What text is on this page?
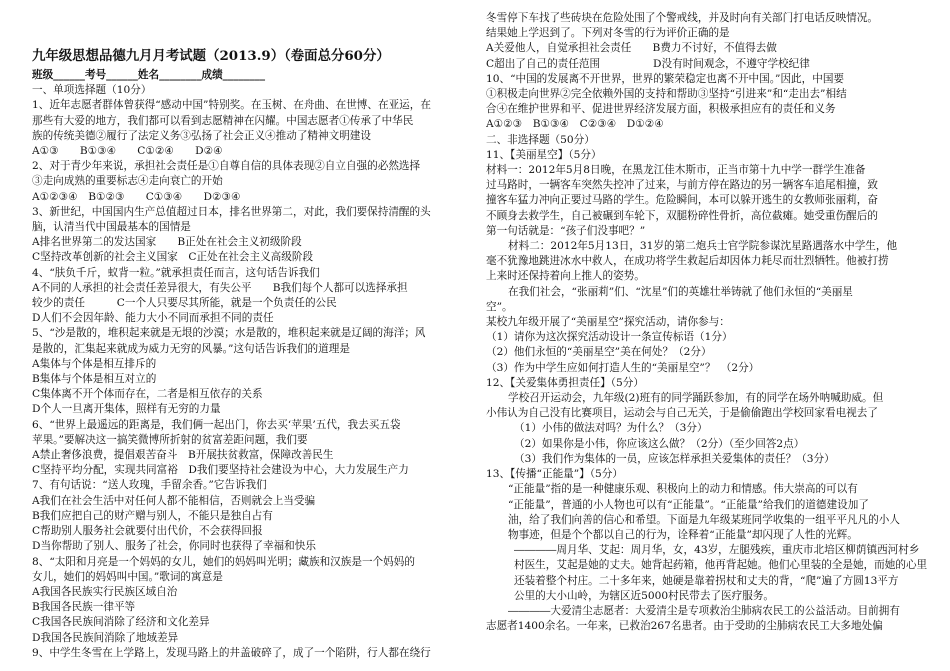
九年级思想品德九月月考试题（2013.9）（卷面总分60分）
班级______考号______姓名________成绩________
一、单项选择题（10分）
1、近年志愿者群体曾获得“感动中国”特别奖。在玉树、在舟曲、在世博、在亚运，在
那些有大爱的地方，我们都可以看到志愿精神在闪耀。中国志愿者①传承了中华民
族的传统美德②履行了法定义务③弘扬了社会正义④推动了精神文明建设
A①③　　B①③④　　C①②④　　D②④
2、对于青少年来说，承担社会责任是①自尊自信的具体表现②自立自强的必然选择
③走向成熟的重要标志④走向衰亡的开始
A①②③④　B①②③　　C①③④　　D②③④
3、新世纪，中国国内生产总值超过日本，排名世界第二，对此，我们要保持清醒的头
脑，认清当代中国最基本的国情是
A排名世界第二的发达国家　　B正处在社会主义初级阶段
C坚持改革创新的社会主义国家　C正处在社会主义高级阶段
4、“肤负千斤，蚁背一粒。”就承担责任而言，这句话告诉我们
A不同的人承担的社会责任差异很大，有失公平　　B我们每个人都可以选择承担
较少的责任　　　C一个人只要尽其所能，就是一个负责任的公民
D人们不会因年龄、能力大小不同而承担不同的责任
5、“沙是散的，堆积起来就是无垠的沙漠；水是散的，堆积起来就是辽阔的海洋；风
是散的，汇集起来就成为威力无穷的风暴。”这句话告诉我们的道理是
A集体与个体是相互排斥的
B集体与个体是相互对立的
C集体离不开个体而存在，二者是相互依存的关系
D个人一旦离开集体，照样有无穷的力量
6、“世界上最遥远的距离是，我们俩一起出门，你去买‘苹果’五代，我去买五袋
苹果。”要解决这一搞笑微博所折射的贫富差距问题，我们要
A禁止奢侈浪费，提倡艰苦奋斗　B开展扶贫救富，保障改善民生
C坚持平均分配，实现共同富裕　D我们要坚持社会建设为中心，大力发展生产力
7、有句话说：“送人玫瑰，手留余香。”它告诉我们
A我们在社会生活中对任何人都不能相信，否则就会上当受骗
B我们应把自己的财产赠与别人，不能只是独自占有
C帮助别人服务社会就要付出代价，不会获得回报
D当你帮助了别人、服务了社会，你同时也获得了幸福和快乐
8、“太阳和月亮是一个妈妈的女儿，她们的妈妈叫光明；藏族和汉族是一个妈妈的
女儿，她们的妈妈叫中国。”歌词的寓意是
A我国各民族实行民族区域自治
B我国各民族一律平等
C我国各民族间消除了经济和文化差异
D我国各民族间消除了地域差异
9、中学生冬雪在上学路上，发现马路上的井盖破碎了，成了一个陷阱，行人都在绕行
冬雪停下车找了些砖块在危险处围了个警戒线，并及时向有关部门打电话反映情况。
结果她上学迟到了。下列对冬雪的行为评价正确的是
A关爱他人，自觉承担社会责任　　B费力不讨好，不值得去做
C超出了自己的责任范围　　　　　D没有时间观念，不遵守学校纪律
10、“中国的发展离不开世界，世界的繁荣稳定也离不开中国。”因此，中国要
①积极走向世界②完全依赖外国的支持和帮助③坚持“引进来”和“走出去”相结
合④在维护世界和平、促进世界经济发展方面，积极承担应有的责任和义务
A①②③　B①③④　C②③④　D①②④
二、非选择题（50分）
11、【美丽星空】（5分）
材料一：2012年5月8日晚，在黑龙江佳木斯市，正当市第十九中学一群学生准备
过马路时，一辆客车突然失控冲了过来，与前方停在路边的另一辆客车追尾相撞，致
撞客车猛力冲向正要过马路的学生。危险瞬间，本可以躲开逃生的女教师张丽莉，奋
不顾身去救学生，自己被碾到车轮下，双腿粉碎性骨折，高位截瘫。她受重伤醒后的
第一句话就是：“孩子们没事吧？”
材料二：2012年5月13日，31岁的第二炮兵士官学院参谋沈星路遇落水中学生，他
毫不犹豫地跳进冰水中救人，在成功将学生救起后却因体力耗尽而壮烈牺牲。他被打捞
上来时还保持着向上推人的姿势。
在我们社会，“张丽莉”们、“沈星”们的英雄壮举铸就了他们永恒的“美丽星
空”。
某校九年级开展了“美丽星空”探究活动，请你参与：
（1）请你为这次探究活动设计一条宣传标语（1分）
（2）他们永恒的“美丽星空”美在何处？（2分）
（3）作为中学生应如何打造人生的“美丽星空”？　（2分）
12、【关爱集体勇担责任】（5分）
学校召开运动会，九年级(2)班有的同学踊跃参加，有的同学在场外呐喊助威。但
小伟认为自己没有比赛项目，运动会与自己无关，于是偷偷跑出学校回家看电视去了
（1）小伟的做法对吗？为什么？（3分）
（2）如果你是小伟，你应该这么做？（2分）（至少回答2点）
（3）我们作为集体的一员，应该怎样承担关爱集体的责任？（3分）
13、【传播“正能量”】（5分）
“正能量”指的是一种健康乐观、积极向上的动力和情感。伟大崇高的可以有
“正能量”，普通的小人物也可以有“正能量”。“正能量”给我们的道德建设加了
油，给了我们向善的信心和希望。下面是九年级某班同学收集的一组平平凡凡的小人
物事迹，但是个个都以自己的行为，诠释着“正能量”却闪现了人性的光辉。
――――周月华、艾起：周月华，女，43岁，左腿残疾，重庆市北培区柳荫镇西河村乡
村医生，艾起是她的丈夫。她背起药箱，他再背起她。他们心里装的全是她，而她的心里
还装着整个村庄。二十多年来，她硬是靠着拐杖和丈夫的背，“爬”遍了方圆13平方
公里的大小山岭，为辖区近5000村民带去了医疗服务。
――――大爱清尘志愿者：大爱清尘是专项救治尘肺病农民工的公益活动。目前拥有
志愿者1400余名。一年来，已救治267名患者。由于受助的尘肺病农民工大多地处偏
